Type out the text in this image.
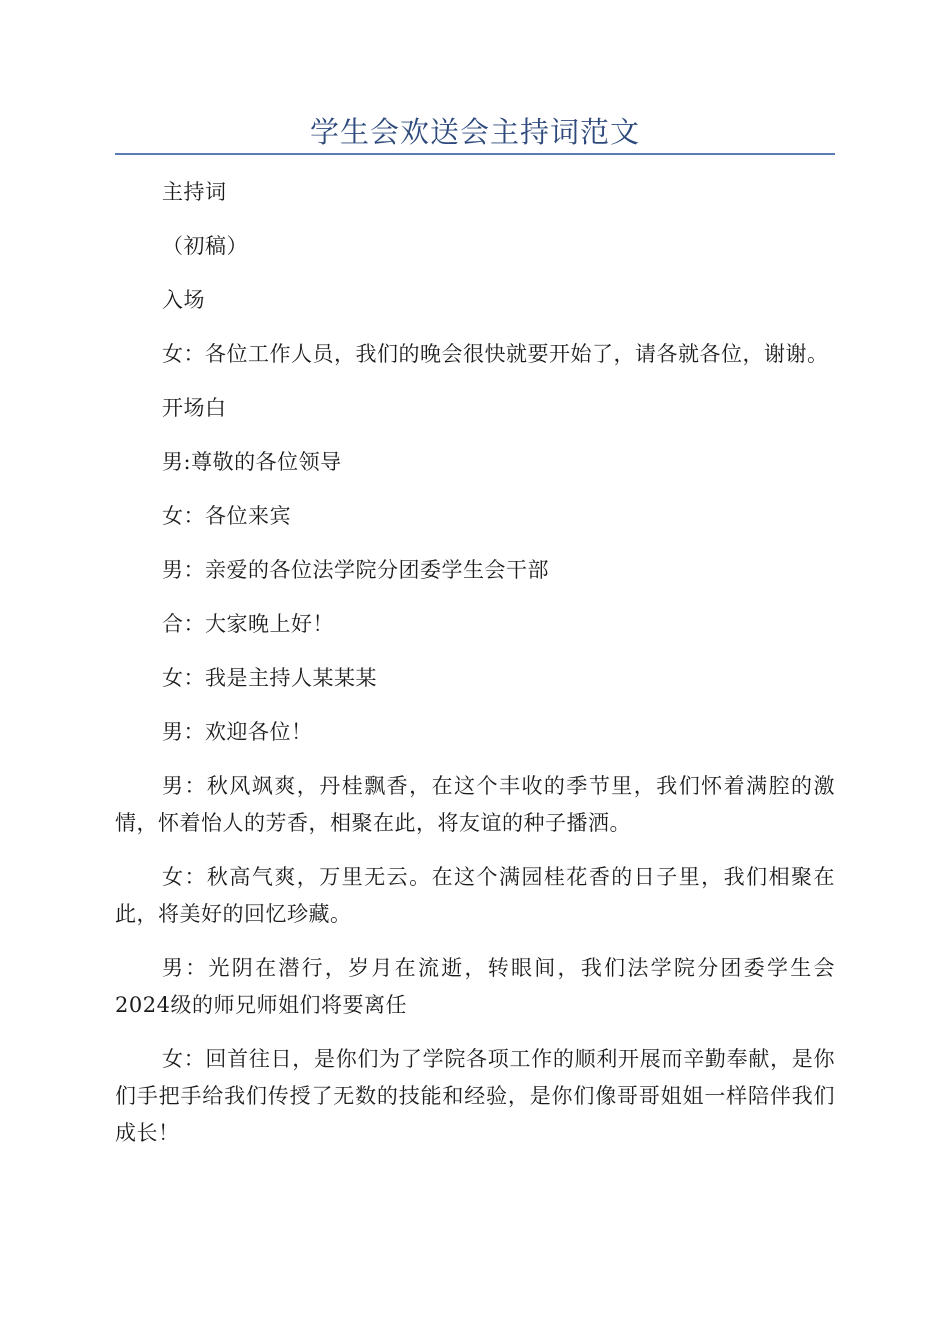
学生会欢送会主持词范文

主持词

（初稿）

入场

女：各位工作人员，我们的晚会很快就要开始了，请各就各位，谢谢。

开场白

男:尊敬的各位领导

女：各位来宾

男：亲爱的各位法学院分团委学生会干部

合：大家晚上好！

女：我是主持人某某某

男：欢迎各位！

男：秋风飒爽，丹桂飘香，在这个丰收的季节里，我们怀着满腔的激情，怀着怡人的芳香，相聚在此，将友谊的种子播洒。

女：秋高气爽，万里无云。在这个满园桂花香的日子里，我们相聚在此，将美好的回忆珍藏。

男：光阴在潜行，岁月在流逝，转眼间，我们法学院分团委学生会2024级的师兄师姐们将要离任

女：回首往日，是你们为了学院各项工作的顺利开展而辛勤奉献，是你们手把手给我们传授了无数的技能和经验，是你们像哥哥姐姐一样陪伴我们成长！
